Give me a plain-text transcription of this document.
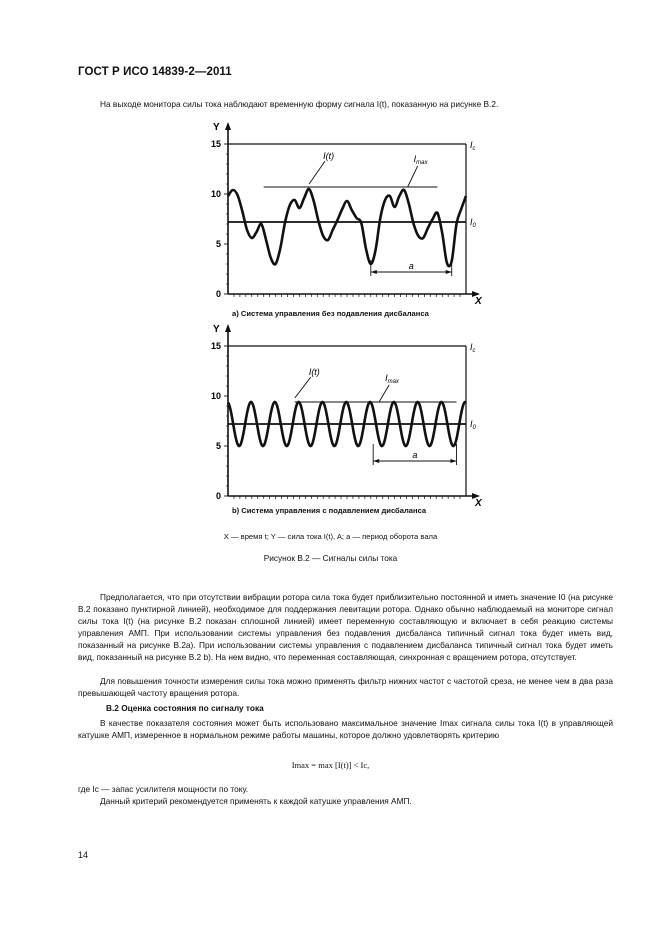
ГОСТ Р ИСО 14839-2—2011
На выходе монитора силы тока наблюдают временную форму сигнала I(t), показанную на рисунке В.2.
0
5
10
15
Y
X
$I_0$
$I_c$
I(t)	$I_{max}$
a
а) Система управления без подавления дисбаланса
0
5
10
15
Y
X
$I_0$
$I_c$
I(t)
$I_{max}$
a
b) Система управления с подавлением дисбаланса
X — время t; Y — сила тока I(t), A; a — период оборота вала
Рисунок В.2 — Сигналы силы тока
Предполагается, что при отсутствии вибрации ротора сила тока будет приблизительно постоянной и иметь значение I0 (на рисунке В.2 показано пунктирной линией), необходимое для поддержания левитации ротора. Однако обычно наблюдаемый на мониторе сигнал силы тока I(t) (на рисунке В.2 показан сплошной линией) имеет переменную составляющую и включает в себя реакцию системы управления АМП. При использовании системы управления без подавления дисбаланса типичный сигнал тока будет иметь вид, показанный на рисунке В.2а). При использовании системы управления с подавлением дисбаланса типичный сигнал тока будет иметь вид, показанный на рисунке В.2 b). На нем видно, что переменная составляющая, синхронная с вращением ротора, отсутствует.
Для повышения точности измерения силы тока можно применять фильтр нижних частот с частотой среза, не менее чем в два раза превышающей частоту вращения ротора.
В.2 Оценка состояния по сигналу тока
В качестве показателя состояния может быть использовано максимальное значение Imax сигнала силы тока I(t) в управляющей катушке АМП, измеренное в нормальном режиме работы машины, которое должно удовлетворять критерию
Imax = max [I(t)] < Ic,
где Ic — запас усилителя мощности по току.
Данный критерий рекомендуется применять к каждой катушке управления АМП.
14
